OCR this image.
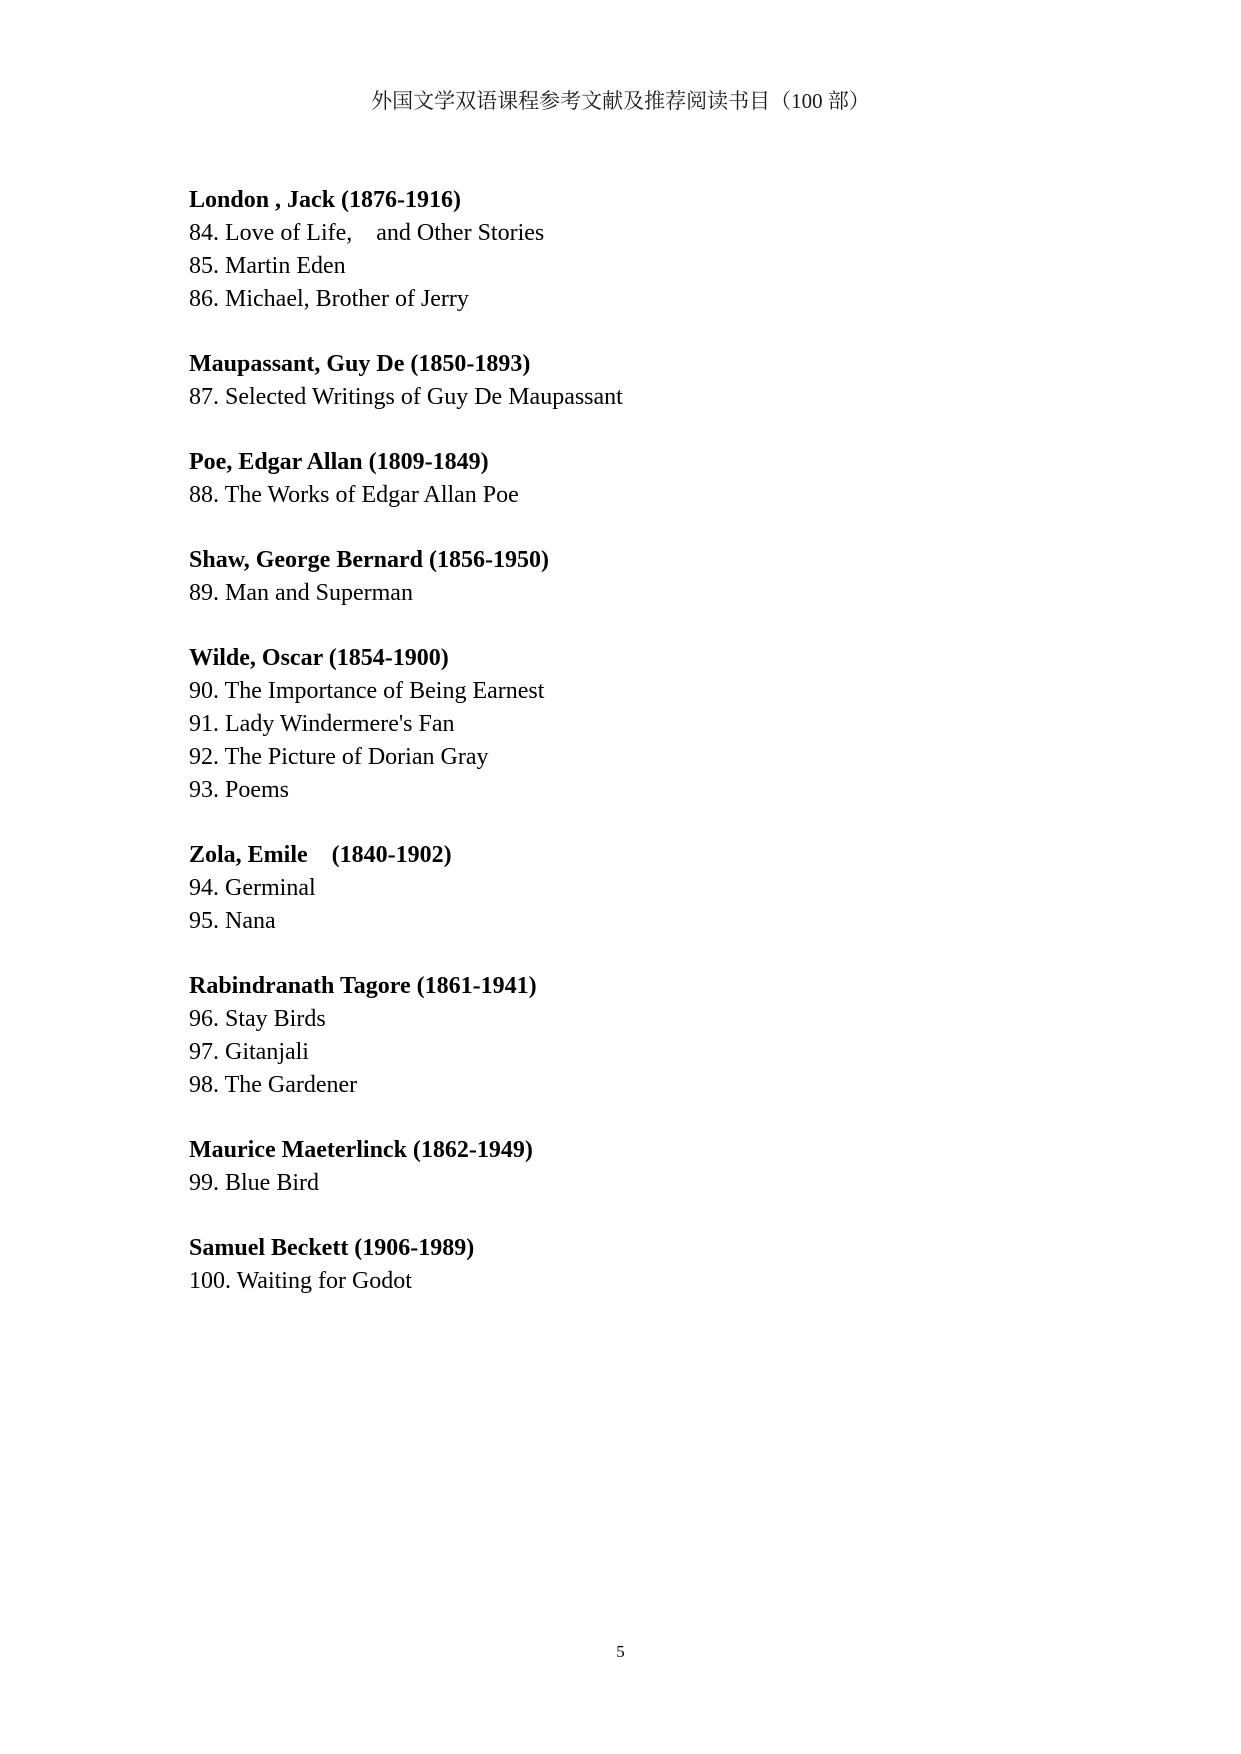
外国文学双语课程参考文献及推荐阅读书目（100 部）
London , Jack (1876-1916)
84. Love of Life,    and Other Stories
85. Martin Eden
86. Michael, Brother of Jerry
Maupassant, Guy De (1850-1893)
87. Selected Writings of Guy De Maupassant
Poe, Edgar Allan (1809-1849)
88. The Works of Edgar Allan Poe
Shaw, George Bernard (1856-1950)
89. Man and Superman
Wilde, Oscar (1854-1900)
90. The Importance of Being Earnest
91. Lady Windermere's Fan
92. The Picture of Dorian Gray
93. Poems
Zola, Emile    (1840-1902)
94. Germinal
95. Nana
Rabindranath Tagore (1861-1941)
96. Stay Birds
97. Gitanjali
98. The Gardener
Maurice Maeterlinck (1862-1949)
99. Blue Bird
Samuel Beckett (1906-1989)
100. Waiting for Godot
5
